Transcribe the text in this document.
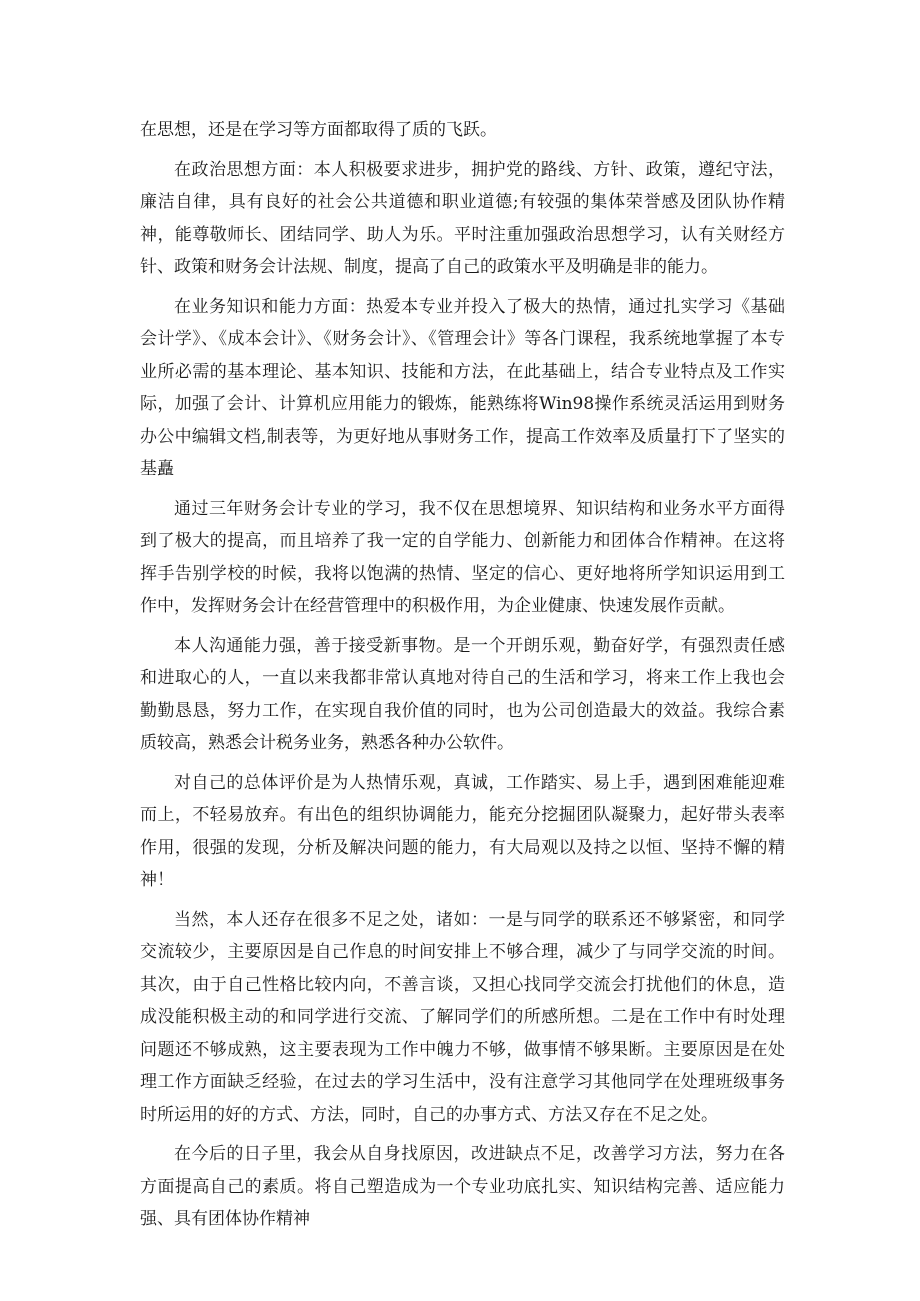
在思想，还是在学习等方面都取得了质的飞跃。

在政治思想方面：本人积极要求进步，拥护党的路线、方针、政策，遵纪守法，廉洁自律，具有良好的社会公共道德和职业道德;有较强的集体荣誉感及团队协作精神，能尊敬师长、团结同学、助人为乐。平时注重加强政治思想学习，认有关财经方针、政策和财务会计法规、制度，提高了自己的政策水平及明确是非的能力。

在业务知识和能力方面：热爱本专业并投入了极大的热情，通过扎实学习《基础会计学》、《成本会计》、《财务会计》、《管理会计》等各门课程，我系统地掌握了本专业所必需的基本理论、基本知识、技能和方法，在此基础上，结合专业特点及工作实际，加强了会计、计算机应用能力的锻炼，能熟练将Win98操作系统灵活运用到财务办公中编辑文档,制表等，为更好地从事财务工作，提高工作效率及质量打下了坚实的基矗

通过三年财务会计专业的学习，我不仅在思想境界、知识结构和业务水平方面得到了极大的提高，而且培养了我一定的自学能力、创新能力和团体合作精神。在这将挥手告别学校的时候，我将以饱满的热情、坚定的信心、更好地将所学知识运用到工作中，发挥财务会计在经营管理中的积极作用，为企业健康、快速发展作贡献。

本人沟通能力强，善于接受新事物。是一个开朗乐观，勤奋好学，有强烈责任感和进取心的人，一直以来我都非常认真地对待自己的生活和学习，将来工作上我也会勤勤恳恳，努力工作，在实现自我价值的同时，也为公司创造最大的效益。我综合素质较高，熟悉会计税务业务，熟悉各种办公软件。

对自己的总体评价是为人热情乐观，真诚，工作踏实、易上手，遇到困难能迎难而上，不轻易放弃。有出色的组织协调能力，能充分挖掘团队凝聚力，起好带头表率作用，很强的发现，分析及解决问题的能力，有大局观以及持之以恒、坚持不懈的精神！

当然，本人还存在很多不足之处，诸如：一是与同学的联系还不够紧密，和同学交流较少，主要原因是自己作息的时间安排上不够合理，减少了与同学交流的时间。其次，由于自己性格比较内向，不善言谈，又担心找同学交流会打扰他们的休息，造成没能积极主动的和同学进行交流、了解同学们的所感所想。二是在工作中有时处理问题还不够成熟，这主要表现为工作中魄力不够，做事情不够果断。主要原因是在处理工作方面缺乏经验，在过去的学习生活中，没有注意学习其他同学在处理班级事务时所运用的好的方式、方法，同时，自己的办事方式、方法又存在不足之处。

在今后的日子里，我会从自身找原因，改进缺点不足，改善学习方法，努力在各方面提高自己的素质。将自己塑造成为一个专业功底扎实、知识结构完善、适应能力强、具有团体协作精神
